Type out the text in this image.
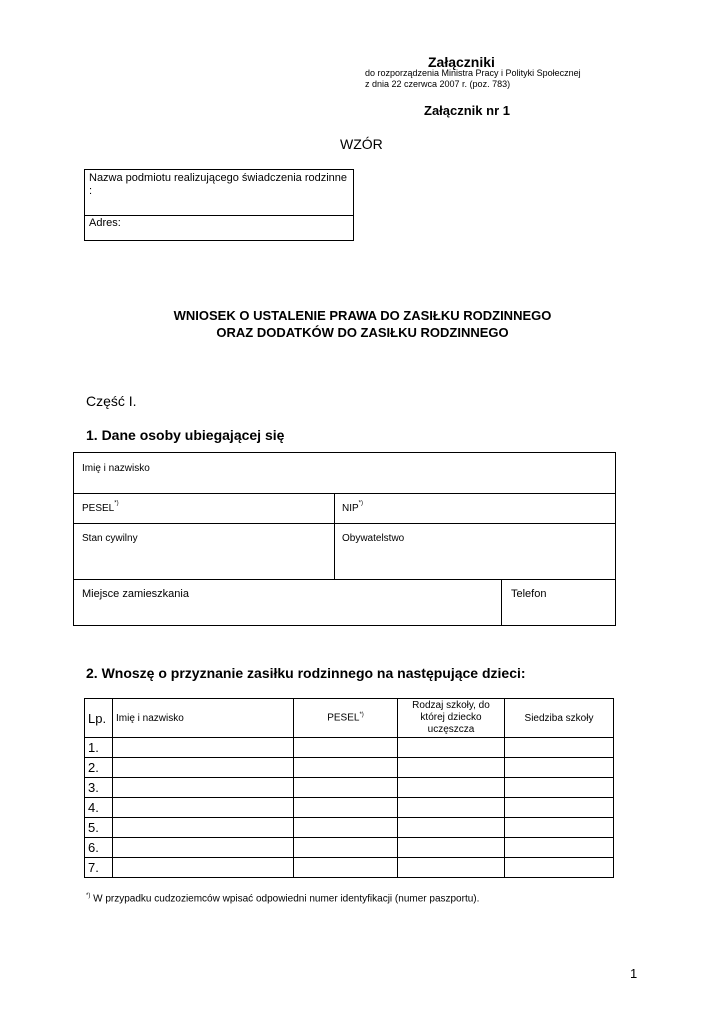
Załączniki
do rozporządzenia Ministra Pracy i Polityki Społecznej
z dnia 22 czerwca 2007 r. (poz. 783)
Załącznik nr 1
WZÓR
Nazwa podmiotu realizującego świadczenia rodzinne :
Adres:
WNIOSEK O USTALENIE PRAWA DO ZASIŁKU RODZINNEGO
ORAZ DODATKÓW DO ZASIŁKU RODZINNEGO
Część I.
1. Dane osoby ubiegającej się
Imię i nazwisko
PESEL*)	NIP*)
Stan cywilny	Obywatelstwo
Miejsce zamieszkania	Telefon
2. Wnoszę o przyznanie zasiłku rodzinnego na następujące dzieci:
Lp.	Imię i nazwisko	PESEL*)	Rodzaj szkoły, do której dziecko uczęszcza	Siedziba szkoły
1.				
2.				
3.				
4.				
5.				
6.				
7.				
*) W przypadku cudzoziemców wpisać odpowiedni numer identyfikacji (numer paszportu).
1
